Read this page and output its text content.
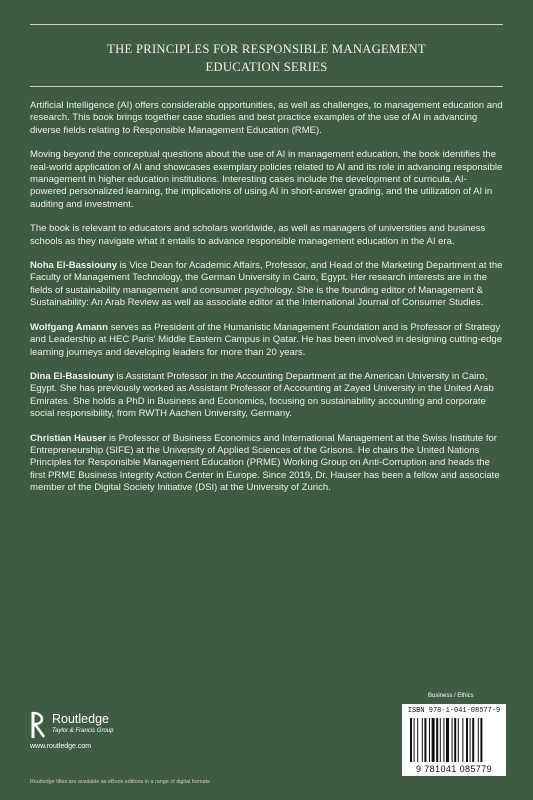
THE PRINCIPLES FOR RESPONSIBLE MANAGEMENT
EDUCATION SERIES

Artificial Intelligence (AI) offers considerable opportunities, as well as challenges, to management education and research. This book brings together case studies and best practice examples of the use of AI in advancing diverse fields relating to Responsible Management Education (RME).

Moving beyond the conceptual questions about the use of AI in management education, the book identifies the real-world application of AI and showcases exemplary policies related to AI and its role in advancing responsible management in higher education institutions. Interesting cases include the development of curricula, AI-powered personalized learning, the implications of using AI in short-answer grading, and the utilization of AI in auditing and investment.

The book is relevant to educators and scholars worldwide, as well as managers of universities and business schools as they navigate what it entails to advance responsible management education in the AI era.

Noha El-Bassiouny is Vice Dean for Academic Affairs, Professor, and Head of the Marketing Department at the Faculty of Management Technology, the German University in Cairo, Egypt. Her research interests are in the fields of sustainability management and consumer psychology. She is the founding editor of Management & Sustainability: An Arab Review as well as associate editor at the International Journal of Consumer Studies.

Wolfgang Amann serves as President of the Humanistic Management Foundation and is Professor of Strategy and Leadership at HEC Paris' Middle Eastern Campus in Qatar. He has been involved in designing cutting-edge learning journeys and developing leaders for more than 20 years.

Dina El-Bassiouny is Assistant Professor in the Accounting Department at the American University in Cairo, Egypt. She has previously worked as Assistant Professor of Accounting at Zayed University in the United Arab Emirates. She holds a PhD in Business and Economics, focusing on sustainability accounting and corporate social responsibility, from RWTH Aachen University, Germany.

Christian Hauser is Professor of Business Economics and International Management at the Swiss Institute for Entrepreneurship (SIFE) at the University of Applied Sciences of the Grisons. He chairs the United Nations Principles for Responsible Management Education (PRME) Working Group on Anti-Corruption and heads the first PRME Business Integrity Action Center in Europe. Since 2019, Dr. Hauser has been a fellow and associate member of the Digital Society Initiative (DSI) at the University of Zurich.

Routledge
Taylor & Francis Group
www.routledge.com
Business / Ethics
ISBN 978-1-041-08577-9
9 781041 085779
Routledge titles are available as eBook editions in a range of digital formats
